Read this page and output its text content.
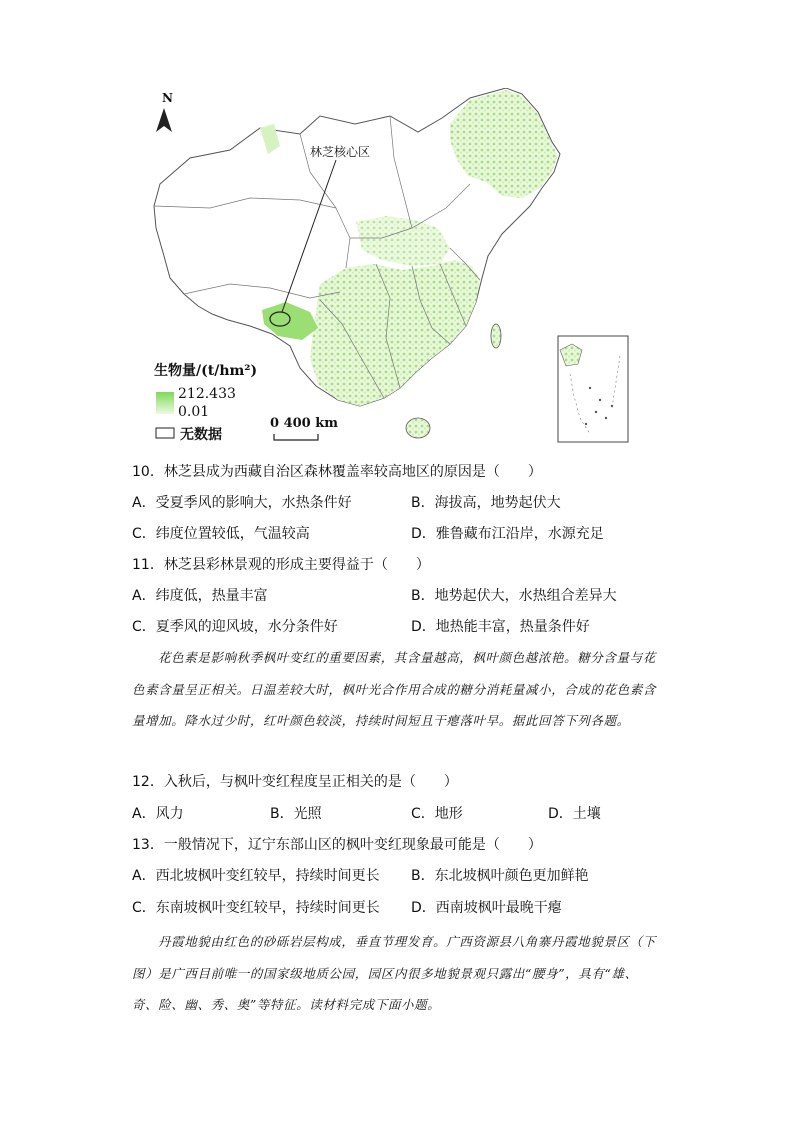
N
林芝核心区
生物量/(t/hm²)
212.433
0.01
无数据
0 400 km
10．林芝县成为西藏自治区森林覆盖率较高地区的原因是（　　）
A．受夏季风的影响大，水热条件好	B．海拔高，地势起伏大
C．纬度位置较低，气温较高	D．雅鲁藏布江沿岸，水源充足
11．林芝县彩林景观的形成主要得益于（　　）
A．纬度低，热量丰富	B．地势起伏大，水热组合差异大
C．夏季风的迎风坡，水分条件好	D．地热能丰富，热量条件好
花色素是影响秋季枫叶变红的重要因素，其含量越高，枫叶颜色越浓艳。糖分含量与花色素含量呈正相关。日温差较大时，枫叶光合作用合成的糖分消耗量减小，合成的花色素含量增加。降水过少时，红叶颜色较淡，持续时间短且干瘪落叶早。据此回答下列各题。
12．入秋后，与枫叶变红程度呈正相关的是（　　）
A．风力	B．光照	C．地形	D．土壤
13．一般情况下，辽宁东部山区的枫叶变红现象最可能是（　　）
A．西北坡枫叶变红较早，持续时间更长 B．东北坡枫叶颜色更加鲜艳
C．东南坡枫叶变红较早，持续时间更长 D．西南坡枫叶最晚干瘪
丹霞地貌由红色的砂砾岩层构成，垂直节理发育。广西资源县八角寨丹霞地貌景区（下图）是广西目前唯一的国家级地质公园，园区内很多地貌景观只露出“腰身”，具有“雄、奇、险、幽、秀、奥”等特征。读材料完成下面小题。
